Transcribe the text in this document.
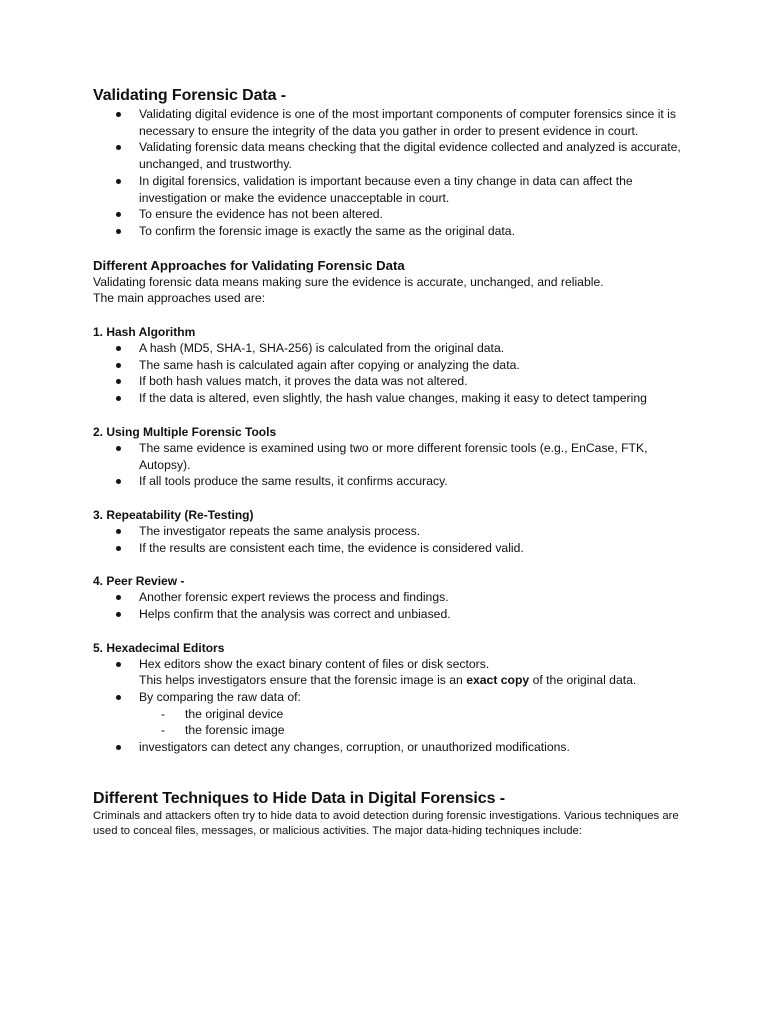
Validating Forensic Data -
Validating digital evidence is one of the most important components of computer forensics since it is necessary to ensure the integrity of the data you gather in order to present evidence in court.
Validating forensic data means checking that the digital evidence collected and analyzed is accurate, unchanged, and trustworthy.
In digital forensics, validation is important because even a tiny change in data can affect the investigation or make the evidence unacceptable in court.
To ensure the evidence has not been altered.
To confirm the forensic image is exactly the same as the original data.
Different Approaches for Validating Forensic Data

Validating forensic data means making sure the evidence is accurate, unchanged, and reliable.

The main approaches used are:

1. Hash Algorithm
A hash (MD5, SHA-1, SHA-256) is calculated from the original data.
The same hash is calculated again after copying or analyzing the data.
If both hash values match, it proves the data was not altered.
If the data is altered, even slightly, the hash value changes, making it easy to detect tampering
2. Using Multiple Forensic Tools
The same evidence is examined using two or more different forensic tools (e.g., EnCase, FTK, Autopsy).
If all tools produce the same results, it confirms accuracy.
3. Repeatability (Re-Testing)
The investigator repeats the same analysis process.
If the results are consistent each time, the evidence is considered valid.
4. Peer Review -
Another forensic expert reviews the process and findings.
Helps confirm that the analysis was correct and unbiased.
5. Hexadecimal Editors
Hex editors show the exact binary content of files or disk sectors.
This helps investigators ensure that the forensic image is an exact copy of the original data.
By comparing the raw data of:
- the original device
- the forensic image
investigators can detect any changes, corruption, or unauthorized modifications.
Different Techniques to Hide Data in Digital Forensics -

Criminals and attackers often try to hide data to avoid detection during forensic investigations. Various techniques are used to conceal files, messages, or malicious activities. The major data-hiding techniques include:
